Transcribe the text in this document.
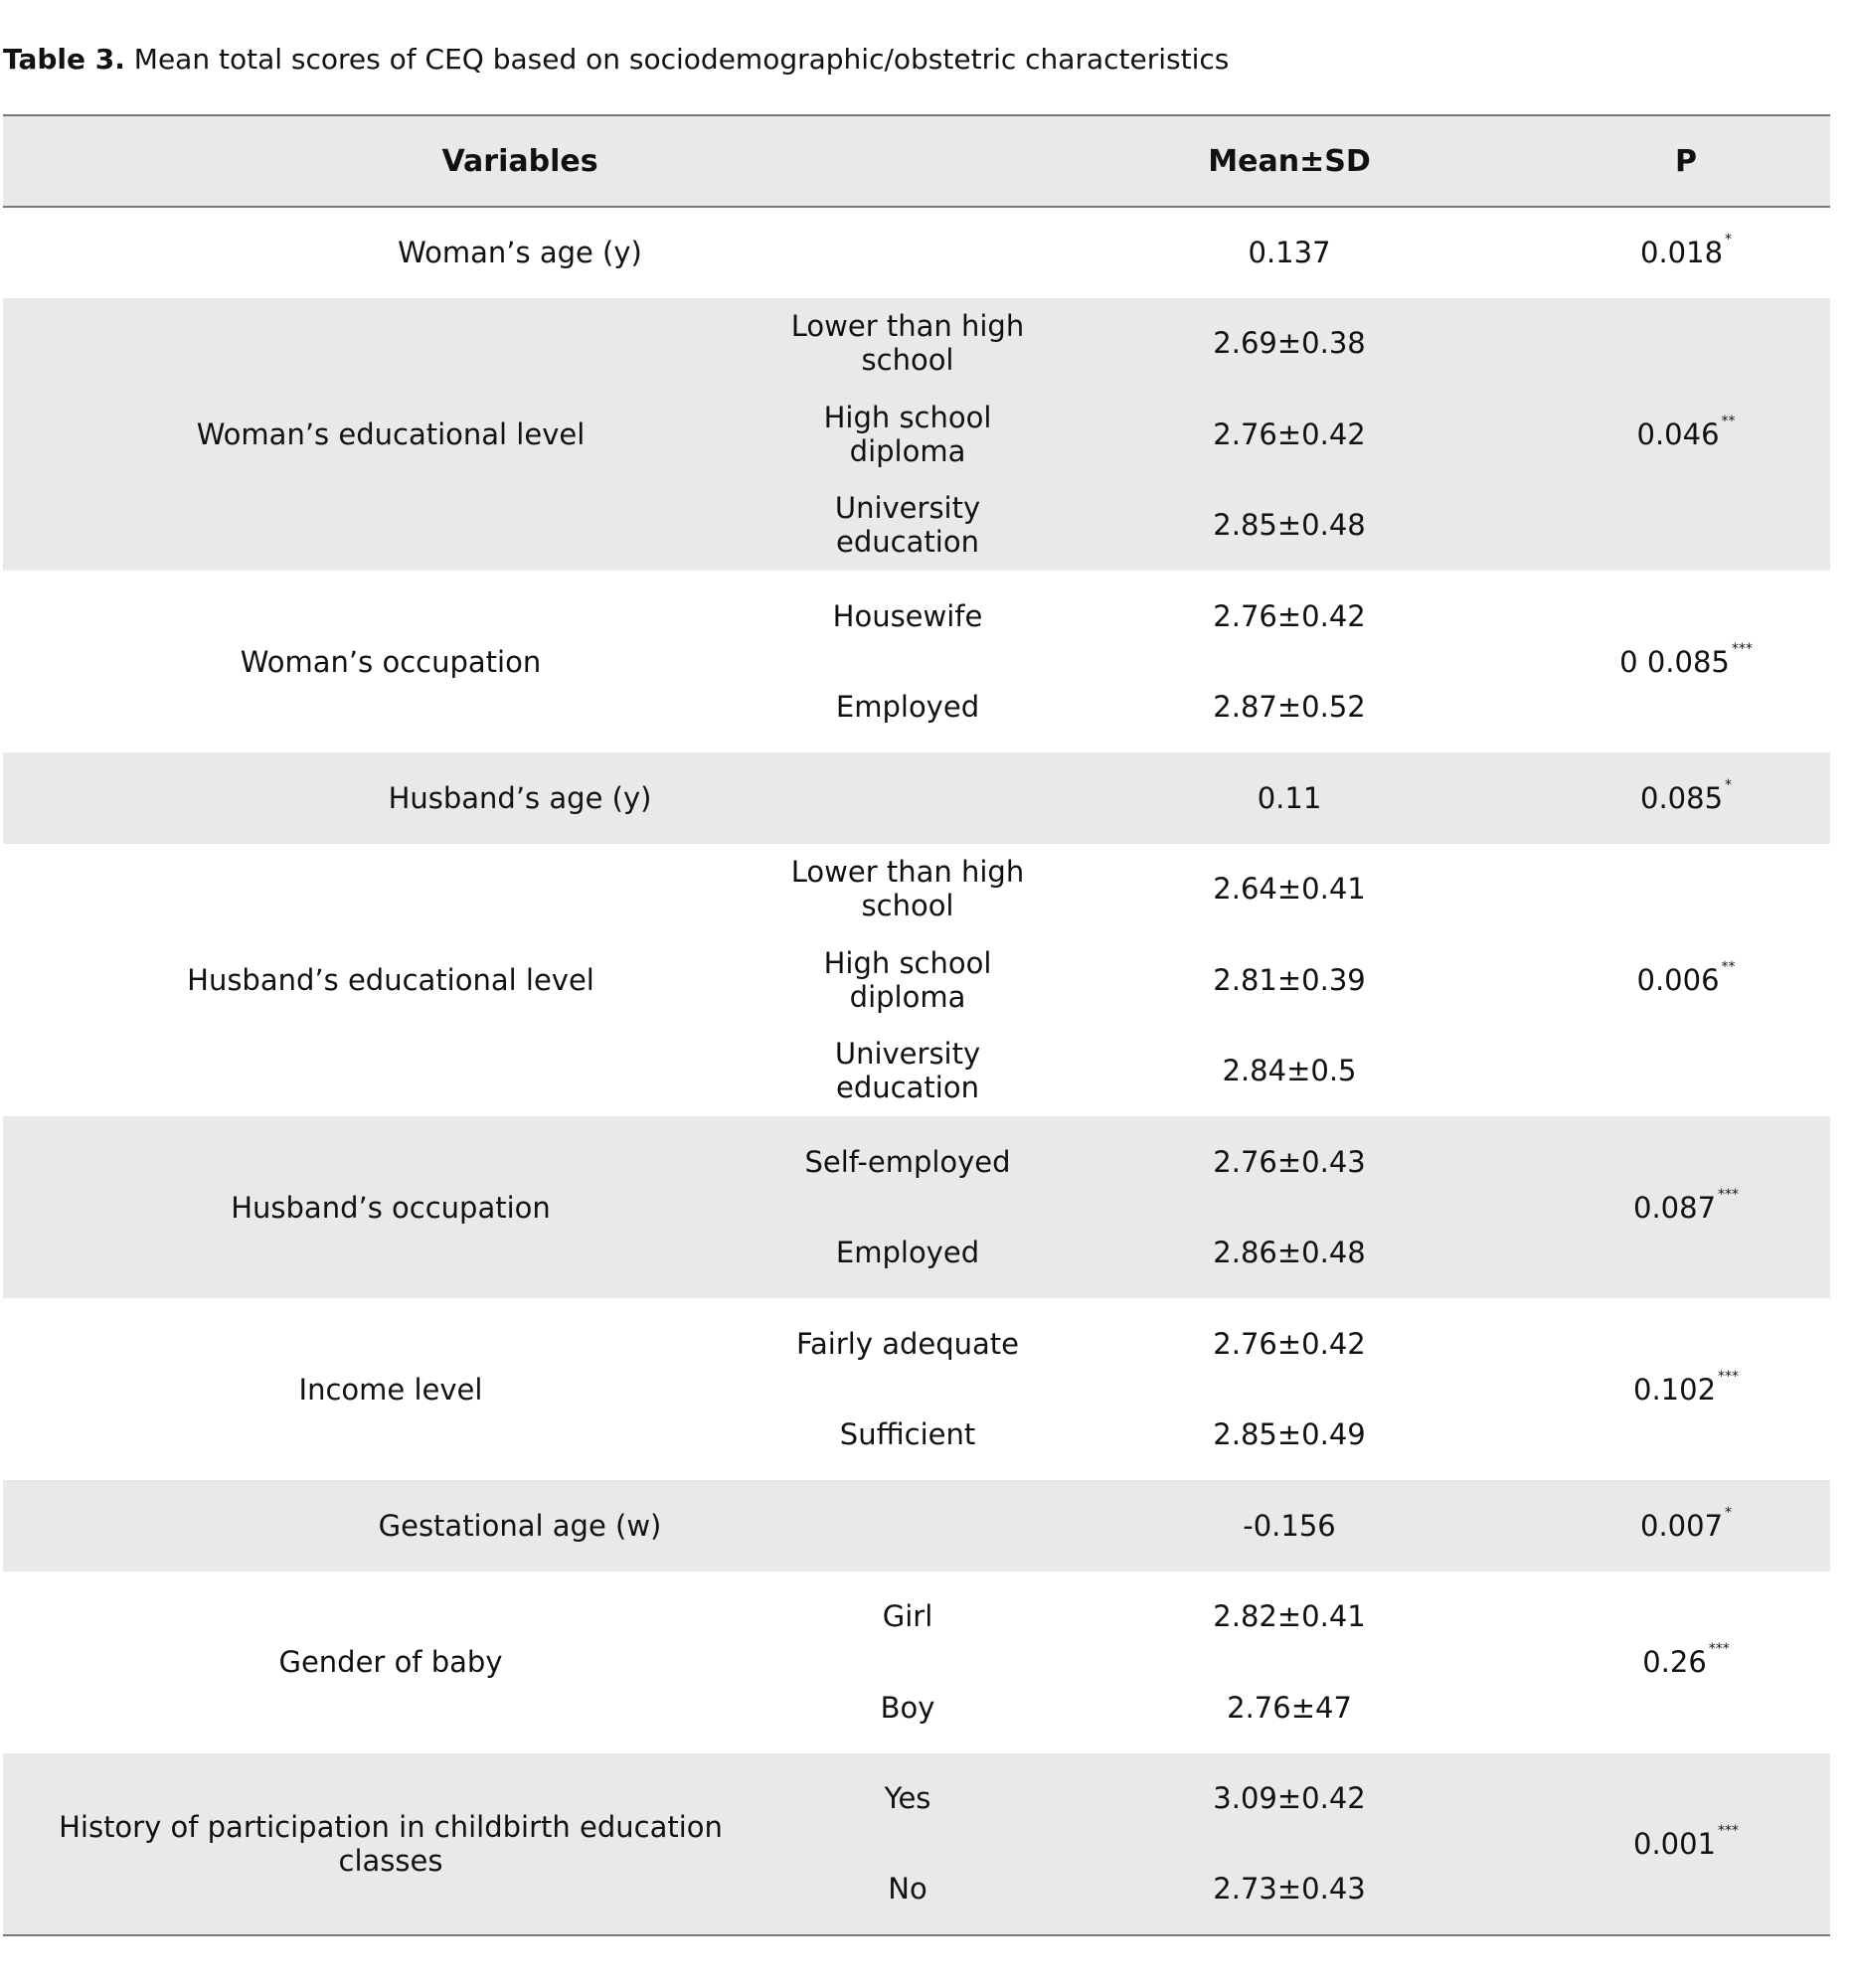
Table 3. Mean total scores of CEQ based on sociodemographic/obstetric characteristics
Variables		Mean±SD	P
Woman’s age (y)		0.137	0.018 *
Woman’s educational level	Lower than high school	2.69±0.38	0.046 **
	High school diploma	2.76±0.42	
	University education	2.85±0.48	
Woman’s occupation	Housewife	2.76±0.42	0 0.085 ***
	Employed	2.87±0.52	
Husband’s age (y)		0.11	0.085 *
Husband’s educational level	Lower than high school	2.64±0.41	0.006 **
	High school diploma	2.81±0.39	
	University education	2.84±0.5	
Husband’s occupation	Self-employed	2.76±0.43	0.087 ***
	Employed	2.86±0.48	
Income level	Fairly adequate	2.76±0.42	0.102 ***
	Sufficient	2.85±0.49	
Gestational age (w)		-0.156	0.007 *
Gender of baby	Girl	2.82±0.41	0.26 ***
	Boy	2.76±47	
History of participation in childbirth education classes	Yes	3.09±0.42	0.001 ***
	No	2.73±0.43	
